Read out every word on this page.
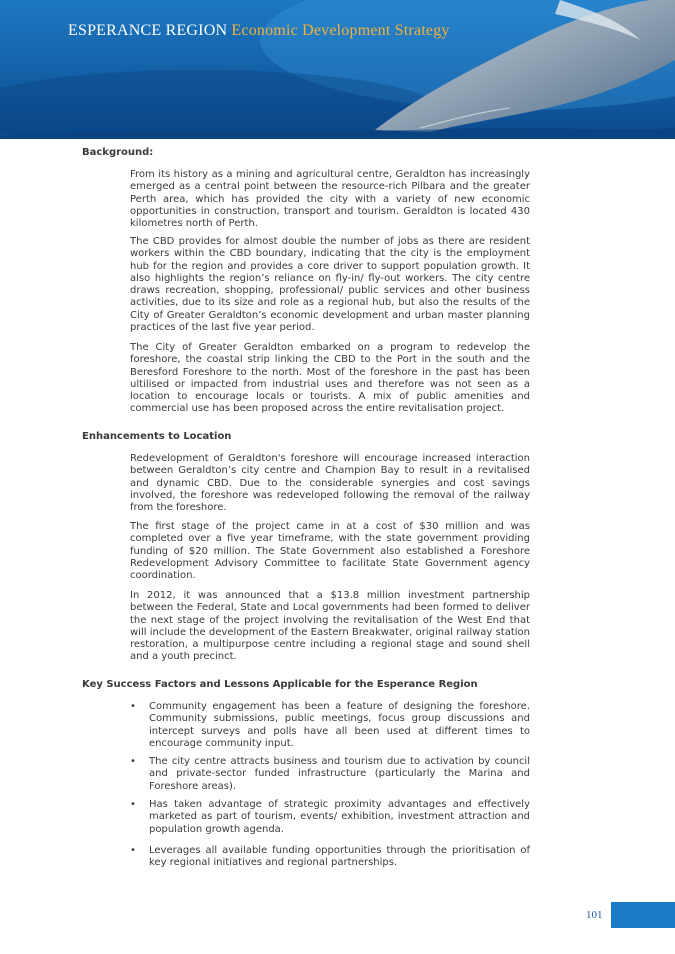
ESPERANCE REGION Economic Development Strategy
Background:

From its history as a mining and agricultural centre, Geraldton has increasingly emerged as a central point between the resource-rich Pilbara and the greater Perth area, which has provided the city with a variety of new economic opportunities in construction, transport and tourism. Geraldton is located 430 kilometres north of Perth.

The CBD provides for almost double the number of jobs as there are resident workers within the CBD boundary, indicating that the city is the employment hub for the region and provides a core driver to support population growth. It also highlights the region’s reliance on fly-in/ fly-out workers. The city centre draws recreation, shopping, professional/ public services and other business activities, due to its size and role as a regional hub, but also the results of the City of Greater Geraldton’s economic development and urban master planning practices of the last five year period.

The City of Greater Geraldton embarked on a program to redevelop the foreshore, the coastal strip linking the CBD to the Port in the south and the Beresford Foreshore to the north. Most of the foreshore in the past has been ultilised or impacted from industrial uses and therefore was not seen as a location to encourage locals or tourists. A mix of public amenities and commercial use has been proposed across the entire revitalisation project.

Enhancements to Location

Redevelopment of Geraldton's foreshore will encourage increased interaction between Geraldton’s city centre and Champion Bay to result in a revitalised and dynamic CBD. Due to the considerable synergies and cost savings involved, the foreshore was redeveloped following the removal of the railway from the foreshore.

The first stage of the project came in at a cost of $30 million and was completed over a five year timeframe, with the state government providing funding of $20 million. The State Government also established a Foreshore Redevelopment Advisory Committee to facilitate State Government agency coordination.

In 2012, it was announced that a $13.8 million investment partnership between the Federal, State and Local governments had been formed to deliver the next stage of the project involving the revitalisation of the West End that will include the development of the Eastern Breakwater, original railway station restoration, a multipurpose centre including a regional stage and sound shell and a youth precinct.

Key Success Factors and Lessons Applicable for the Esperance Region
•	Community engagement has been a feature of designing the foreshore. Community submissions, public meetings, focus group discussions and intercept surveys and polls have all been used at different times to encourage community input.
•	The city centre attracts business and tourism due to activation by council and private-sector funded infrastructure (particularly the Marina and Foreshore areas).
•	Has taken advantage of strategic proximity advantages and effectively marketed as part of tourism, events/ exhibition, investment attraction and population growth agenda.
•	Leverages all available funding opportunities through the prioritisation of key regional initiatives and regional partnerships.
101
